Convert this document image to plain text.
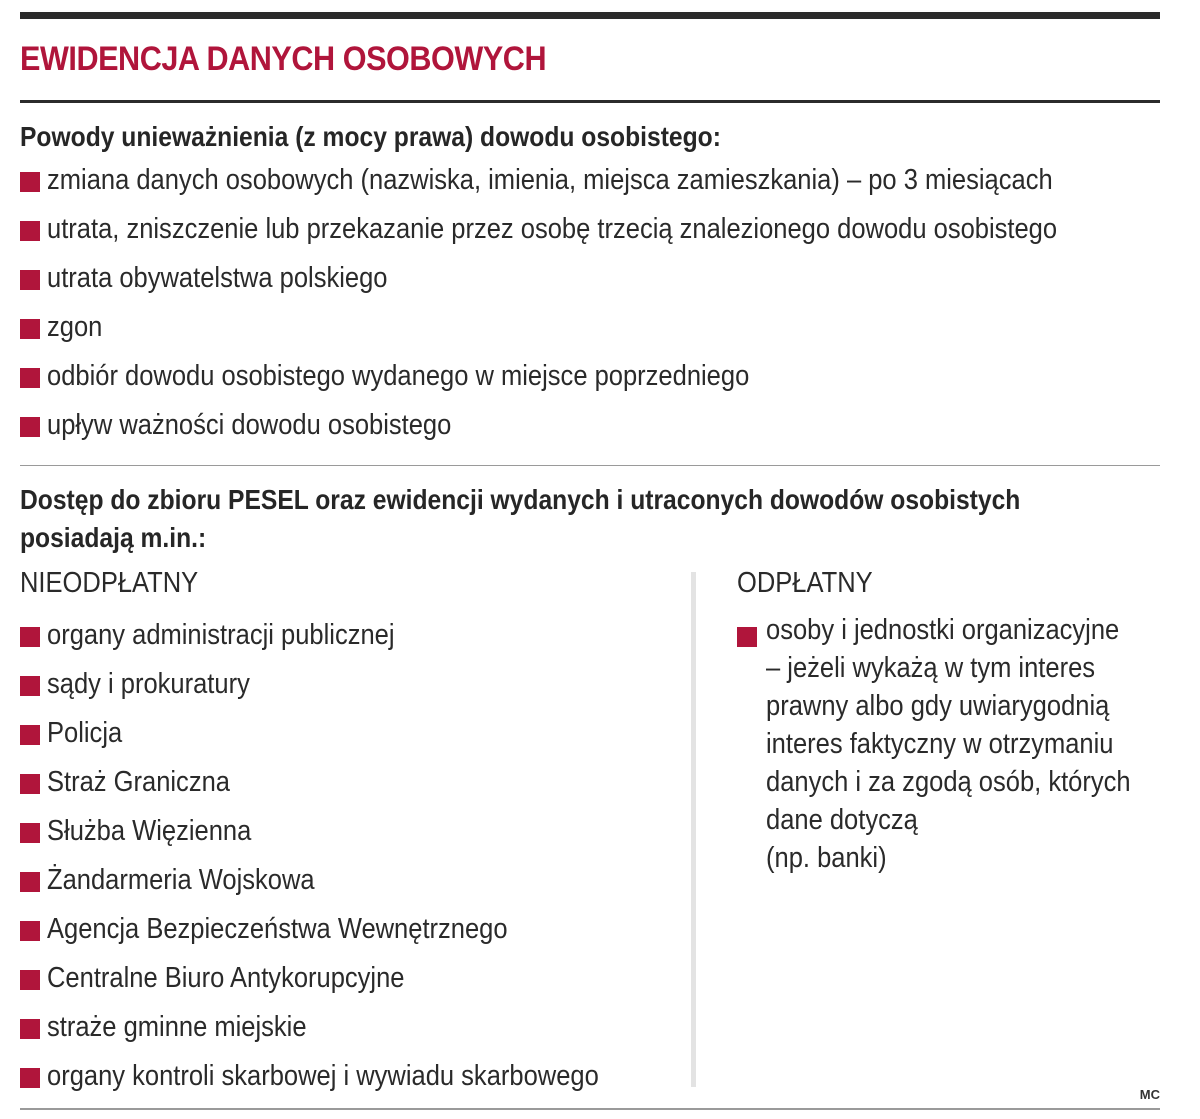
EWIDENCJA DANYCH OSOBOWYCH

Powody unieważnienia (z mocy prawa) dowodu osobistego:

zmiana danych osobowych (nazwiska, imienia, miejsca zamieszkania) – po 3 miesiącach
utrata, zniszczenie lub przekazanie przez osobę trzecią znalezionego dowodu osobistego
utrata obywatelstwa polskiego
zgon
odbiór dowodu osobistego wydanego w miejsce poprzedniego
upływ ważności dowodu osobistego

Dostęp do zbioru PESEL oraz ewidencji wydanych i utraconych dowodów osobistych posiadają m.in.:

NIEODPŁATNY

organy administracji publicznej
sądy i prokuratury
Policja
Straż Graniczna
Służba Więzienna
Żandarmeria Wojskowa
Agencja Bezpieczeństwa Wewnętrznego
Centralne Biuro Antykorupcyjne
straże gminne miejskie
organy kontroli skarbowej i wywiadu skarbowego

ODPŁATNY

osoby i jednostki organizacyjne
– jeżeli wykażą w tym interes
prawny albo gdy uwiarygodnią
interes faktyczny w otrzymaniu
danych i za zgodą osób, których
dane dotyczą
(np. banki)
MC
